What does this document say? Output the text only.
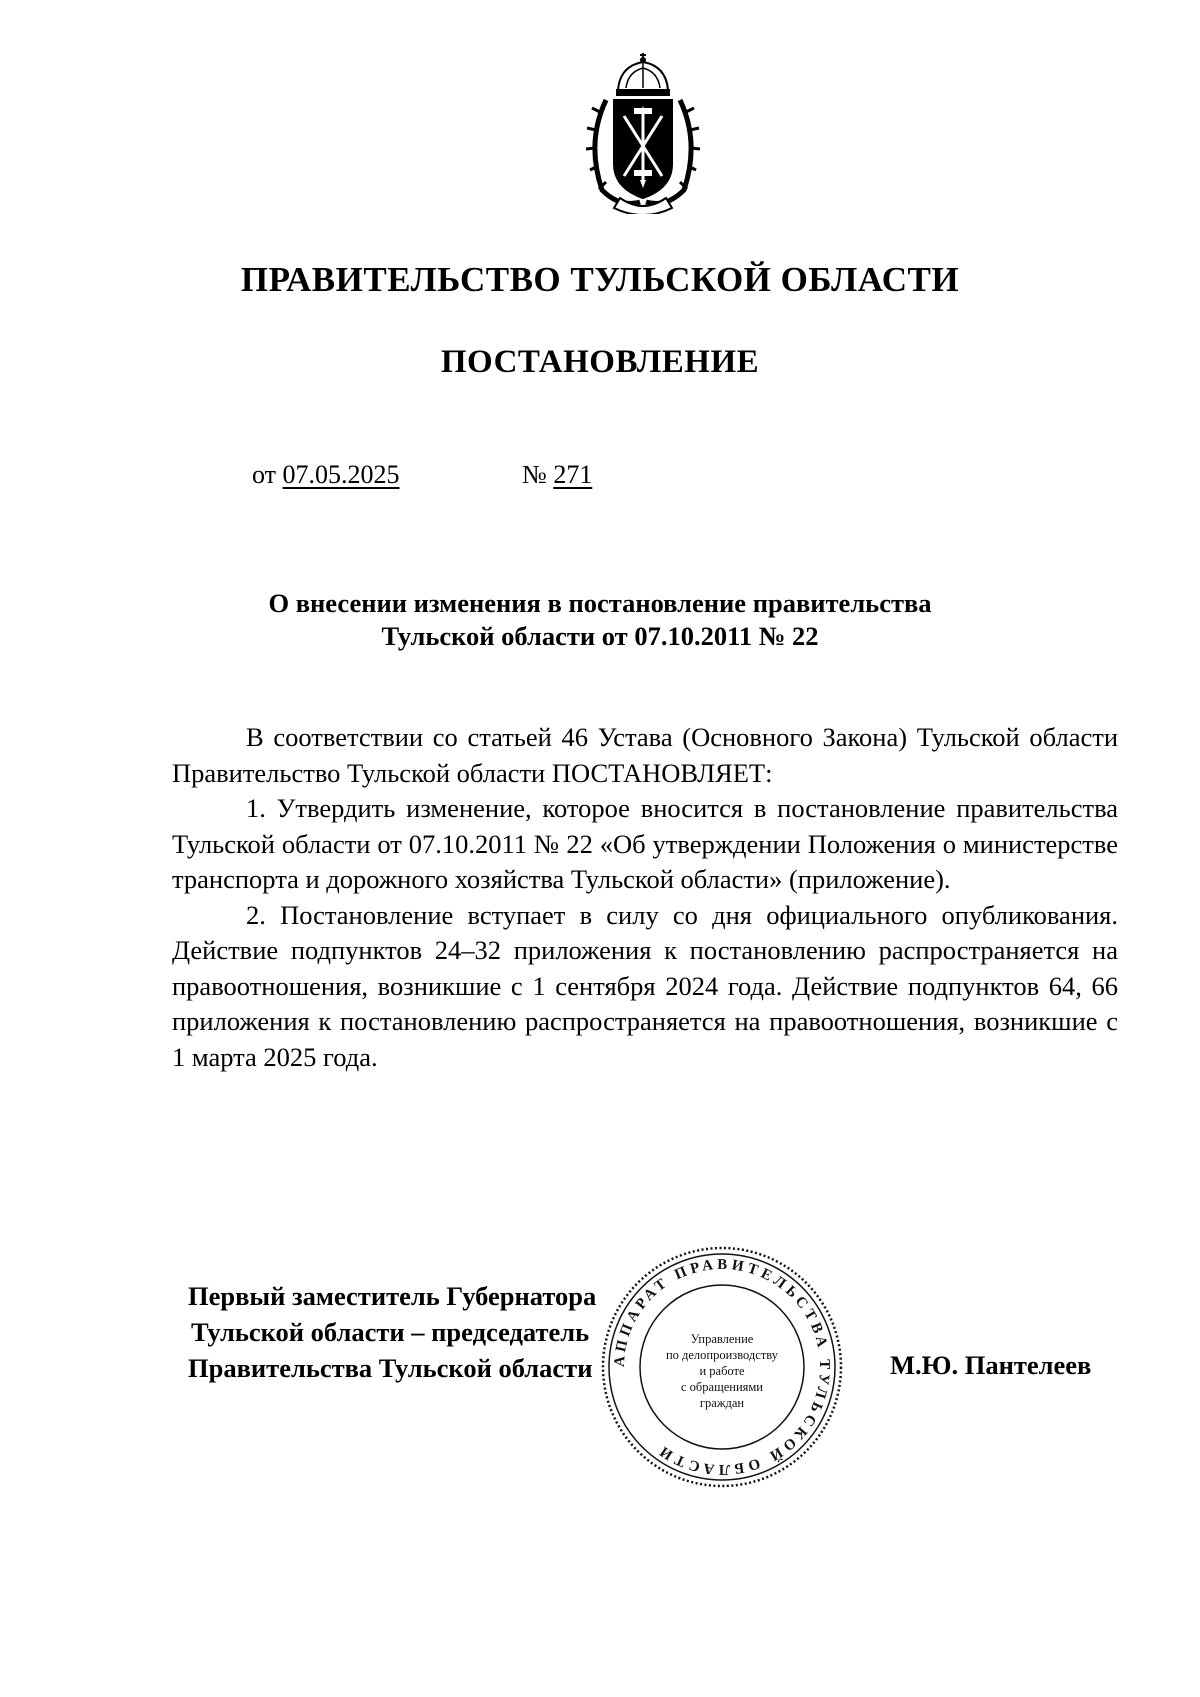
ПРАВИТЕЛЬСТВО ТУЛЬСКОЙ ОБЛАСТИ
ПОСТАНОВЛЕНИЕ
от 07.05.2025	№ 271
О внесении изменения в постановление правительства
Тульской области от 07.10.2011 № 22

В соответствии со статьей 46 Устава (Основного Закона) Тульской области Правительство Тульской области ПОСТАНОВЛЯЕТ:

1. Утвердить изменение, которое вносится в постановление правительства Тульской области от 07.10.2011 № 22 «Об утверждении Положения о министерстве транспорта и дорожного хозяйства Тульской области» (приложение).

2. Постановление вступает в силу со дня официального опубликования. Действие подпунктов 24–32 приложения к постановлению распространяется на правоотношения, возникшие с 1 сентября 2024 года. Действие подпунктов 64, 66 приложения к постановлению распространяется на правоотношения, возникшие с 1 марта 2025 года.

Первый заместитель Губернатора
Тульской области – председатель
Правительства Тульской области	М.Ю. Пантелеев
АППАРАТ ПРАВИТЕЛЬСТВА ТУЛЬСКОЙ ОБЛАСТИ
Управление
по делопроизводству
и работе
с обращениями
граждан
